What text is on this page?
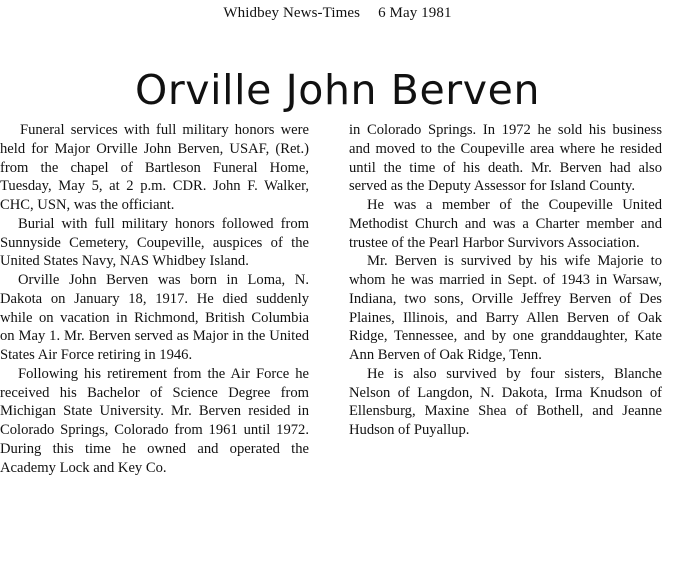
Whidbey News-Times 6 May 1981
Orville John Berven

Funeral services with full military honors were held for Major Orville John Berven, USAF, (Ret.) from the chapel of Bartleson Funeral Home, Tuesday, May 5, at 2 p.m. CDR. John F. Walker, CHC, USN, was the officiant.

Burial with full military honors followed from Sunnyside Cemetery, Coupeville, auspices of the United States Navy, NAS Whidbey Island.

Orville John Berven was born in Loma, N. Dakota on January 18, 1917. He died suddenly while on vacation in Richmond, British Columbia on May 1. Mr. Berven served as Major in the United States Air Force retiring in 1946.

Following his retirement from the Air Force he received his Bachelor of Science Degree from Michigan State University. Mr. Berven resided in Colorado Springs, Colorado from 1961 until 1972. During this time he owned and operated the Academy Lock and Key Co.

in Colorado Springs. In 1972 he sold his business and moved to the Coupeville area where he resided until the time of his death. Mr. Berven had also served as the Deputy Assessor for Island County.

He was a member of the Coupeville United Methodist Church and was a Charter member and trustee of the Pearl Harbor Survivors Association.

Mr. Berven is survived by his wife Majorie to whom he was married in Sept. of 1943 in Warsaw, Indiana, two sons, Orville Jeffrey Berven of Des Plaines, Illinois, and Barry Allen Berven of Oak Ridge, Tennessee, and by one granddaughter, Kate Ann Berven of Oak Ridge, Tenn.

He is also survived by four sisters, Blanche Nelson of Langdon, N. Dakota, Irma Knudson of Ellensburg, Maxine Shea of Bothell, and Jeanne Hudson of Puyallup.
